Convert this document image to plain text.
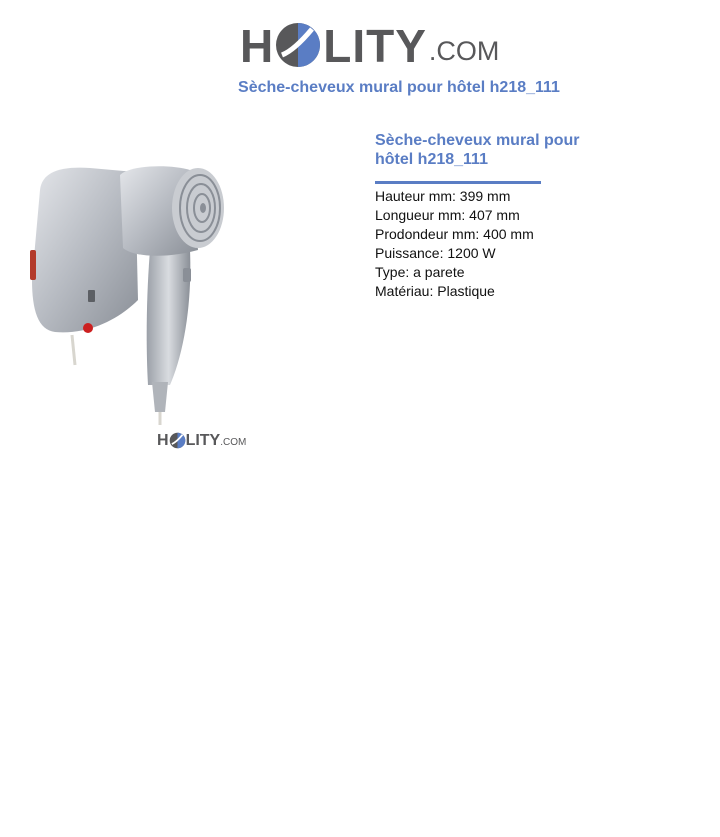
H LITY .COM
Sèche-cheveux mural pour hôtel h218_111
H LITY .COM
Sèche-cheveux mural pour hôtel h218_111
Hauteur mm: 399 mm
Longueur mm: 407 mm
Prodondeur mm: 400 mm
Puissance: 1200 W
Type: a parete
Matériau: Plastique
